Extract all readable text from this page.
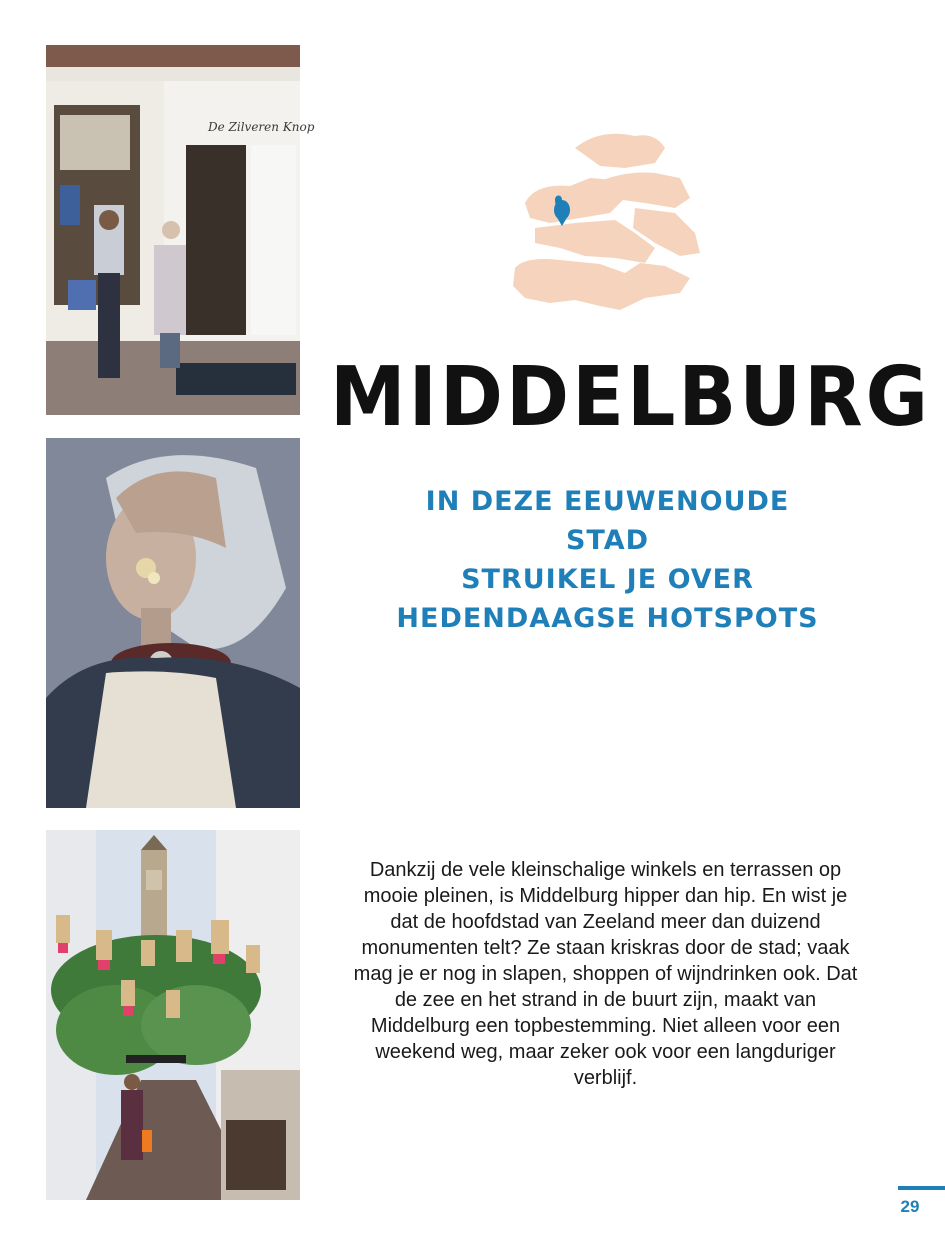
De Zilveren Knop
MIDDELBURG

IN DEZE EEUWENOUDE STAD
STRUIKEL JE OVER
HEDENDAAGSE HOTSPOTS

Dankzij de vele kleinschalige winkels en terrassen op mooie pleinen, is Middelburg hipper dan hip. En wist je dat de hoofdstad van Zeeland meer dan duizend monumenten telt? Ze staan kriskras door de stad; vaak mag je er nog in slapen, shoppen of wijndrinken ook. Dat de zee en het strand in de buurt zijn, maakt van Middelburg een topbestemming. Niet alleen voor een weekend weg, maar zeker ook voor een langduriger verblijf.

29
